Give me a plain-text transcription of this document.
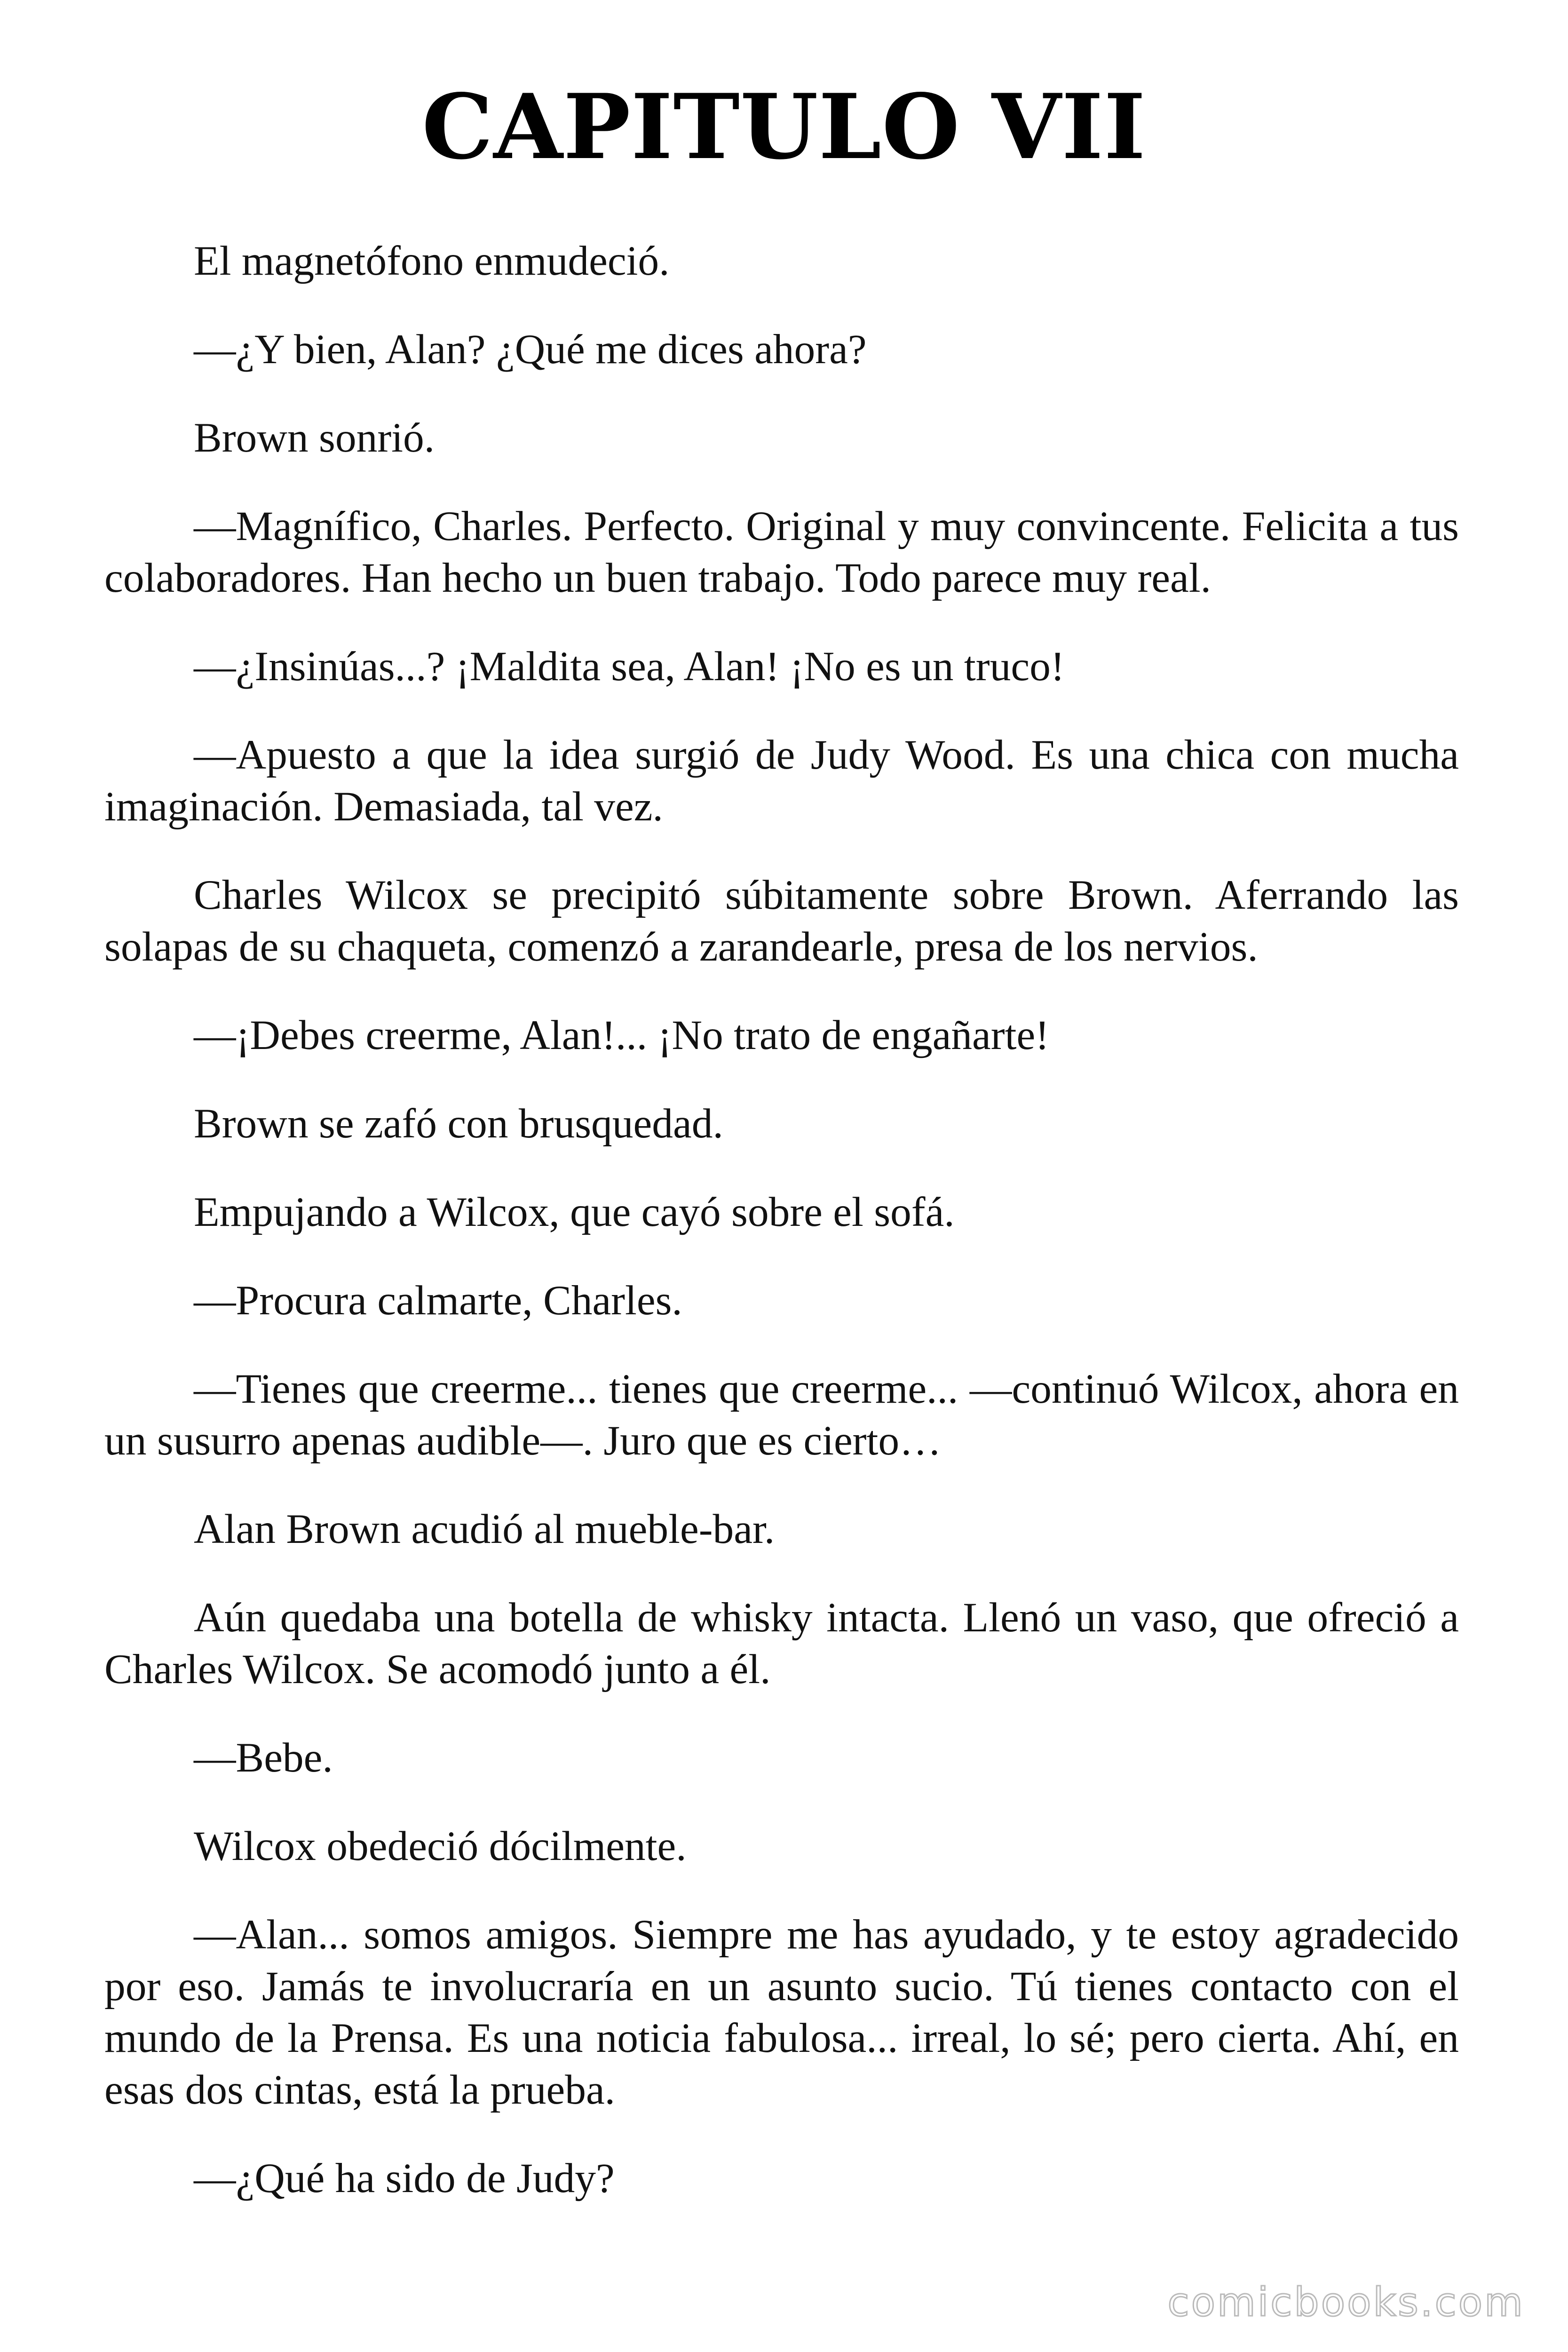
CAPITULO VII

El magnetófono enmudeció.

—¿Y bien, Alan? ¿Qué me dices ahora?

Brown sonrió.

—Magnífico, Charles. Perfecto. Original y muy convincente. Felicita a tus colaboradores. Han hecho un buen trabajo. Todo parece muy real.

—¿Insinúas...? ¡Maldita sea, Alan! ¡No es un truco!

—Apuesto a que la idea surgió de Judy Wood. Es una chica con mucha imaginación. Demasiada, tal vez.

Charles Wilcox se precipitó súbitamente sobre Brown. Aferrando las solapas de su chaqueta, comenzó a zarandearle, presa de los nervios.

—¡Debes creerme, Alan!... ¡No trato de engañarte!

Brown se zafó con brusquedad.

Empujando a Wilcox, que cayó sobre el sofá.

—Procura calmarte, Charles.

—Tienes que creerme... tienes que creerme... —continuó Wilcox, ahora en un susurro apenas audible—. Juro que es cierto…

Alan Brown acudió al mueble-bar.

Aún quedaba una botella de whisky intacta. Llenó un vaso, que ofreció a Charles Wilcox. Se acomodó junto a él.

—Bebe.

Wilcox obedeció dócilmente.

—Alan... somos amigos. Siempre me has ayudado, y te estoy agradecido por eso. Jamás te involucraría en un asunto sucio. Tú tienes contacto con el mundo de la Prensa. Es una noticia fabulosa... irreal, lo sé; pero cierta. Ahí, en esas dos cintas, está la prueba.

—¿Qué ha sido de Judy?

comicbooks.com
